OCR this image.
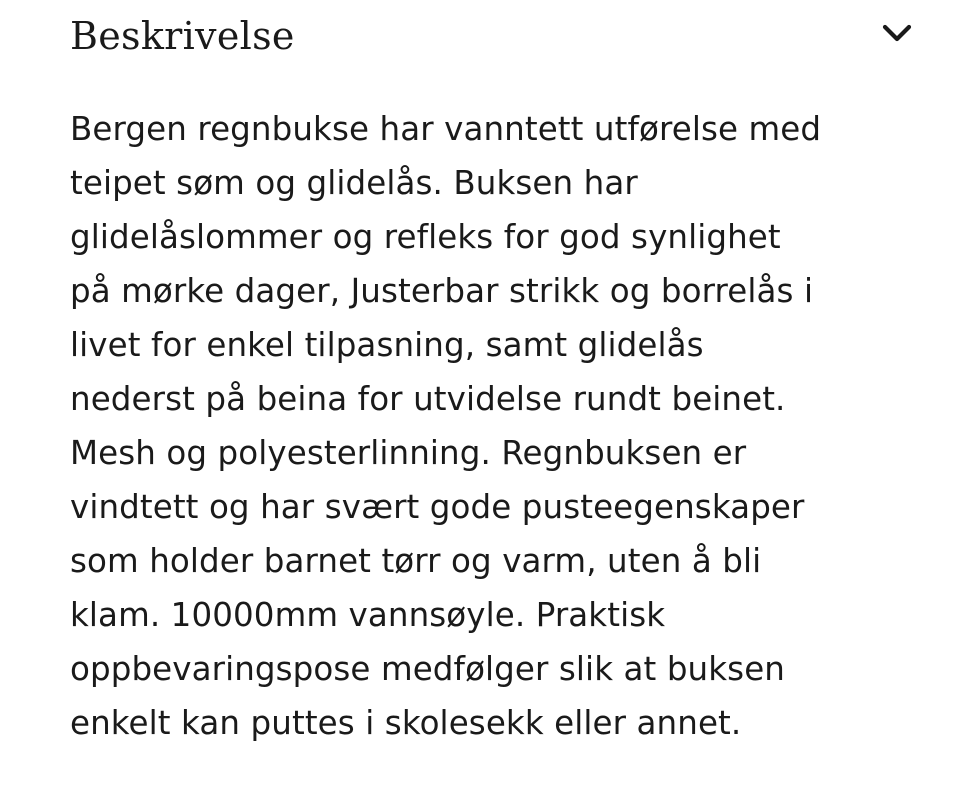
Beskrivelse
Bergen regnbukse har vanntett utførelse med
teipet søm og glidelås. Buksen har
glidelåslommer og refleks for god synlighet
på mørke dager, Justerbar strikk og borrelås i
livet for enkel tilpasning, samt glidelås
nederst på beina for utvidelse rundt beinet.
Mesh og polyesterlinning. Regnbuksen er
vindtett og har svært gode pusteegenskaper
som holder barnet tørr og varm, uten å bli
klam. 10000mm vannsøyle. Praktisk
oppbevaringspose medfølger slik at buksen
enkelt kan puttes i skolesekk eller annet.
